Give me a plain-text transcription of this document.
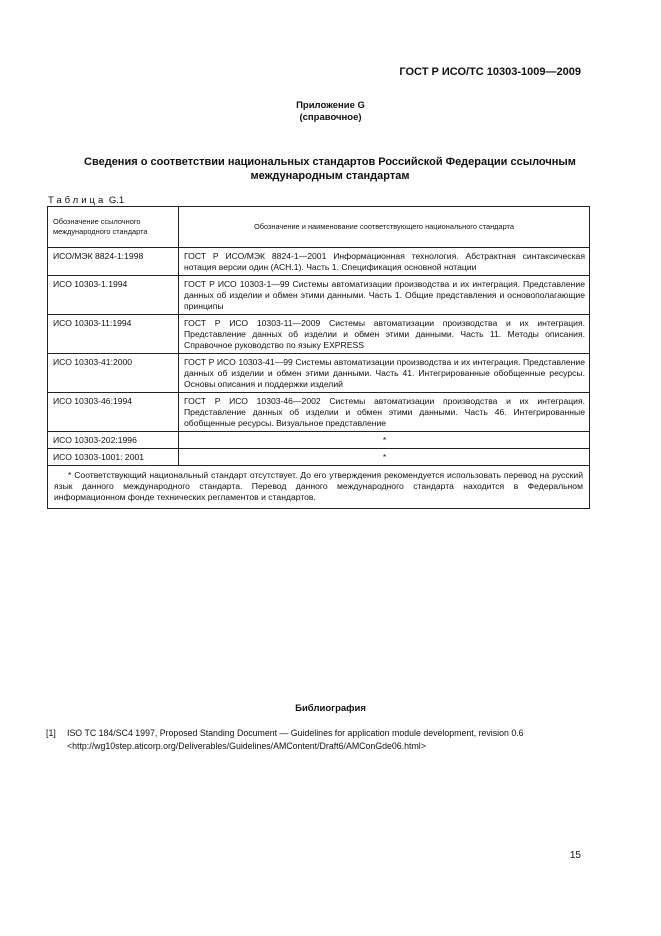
ГОСТ Р ИСО/ТС 10303-1009—2009
Приложение G
(справочное)
Сведения о соответствии национальных стандартов Российской Федерации ссылочным
международным стандартам
Таблица G.1
Обозначение ссылочного
международного стандарта	Обозначение и наименование соответствующего национального стандарта
ИСО/МЭК 8824-1:1998	ГОСТ Р ИСО/МЭК 8824-1—2001 Информационная технология. Абстрактная синтаксическая нотация версии один (АСН.1). Часть 1. Спецификация основной нотации
ИСО 10303-1.1994	ГОСТ Р ИСО 10303-1—99 Системы автоматизации производства и их интеграция. Представление данных об изделии и обмен этими данными. Часть 1. Общие представления и основополагающие принципы
ИСО 10303-11:1994	ГОСТ Р ИСО 10303-11—2009 Системы автоматизации производства и их интеграция. Представление данных об изделии и обмен этими данными. Часть 11. Методы описания. Справочное руководство по языку EXPRESS
ИСО 10303-41:2000	ГОСТ Р ИСО 10303-41—99 Системы автоматизации производства и их интеграция. Представление данных об изделии и обмен этими данными. Часть 41. Интегрированные обобщенные ресурсы. Основы описания и поддержки изделий
ИСО 10303-46:1994	ГОСТ Р ИСО 10303-46—2002 Системы автоматизации производства и их интеграция. Представление данных об изделии и обмен этими данными. Часть 46. Интегрированные обобщенные ресурсы. Визуальное представление
ИСО 10303-202:1996	*
ИСО 10303-1001: 2001	*
* Соответствующий национальный стандарт отсутствует. До его утверждения рекомендуется использовать перевод на русский язык данного международного стандарта. Перевод данного международного стандарта находится в Федеральном информационном фонде технических регламентов и стандартов.	
Библиография
[1] ISO TC 184/SC4 1997, Proposed Standing Document — Guidelines for application module development, revision 0.6
<http://wg10step.aticorp.org/Deliverables/Guidelines/AMContent/Draft6/AMConGde06.html>
15
